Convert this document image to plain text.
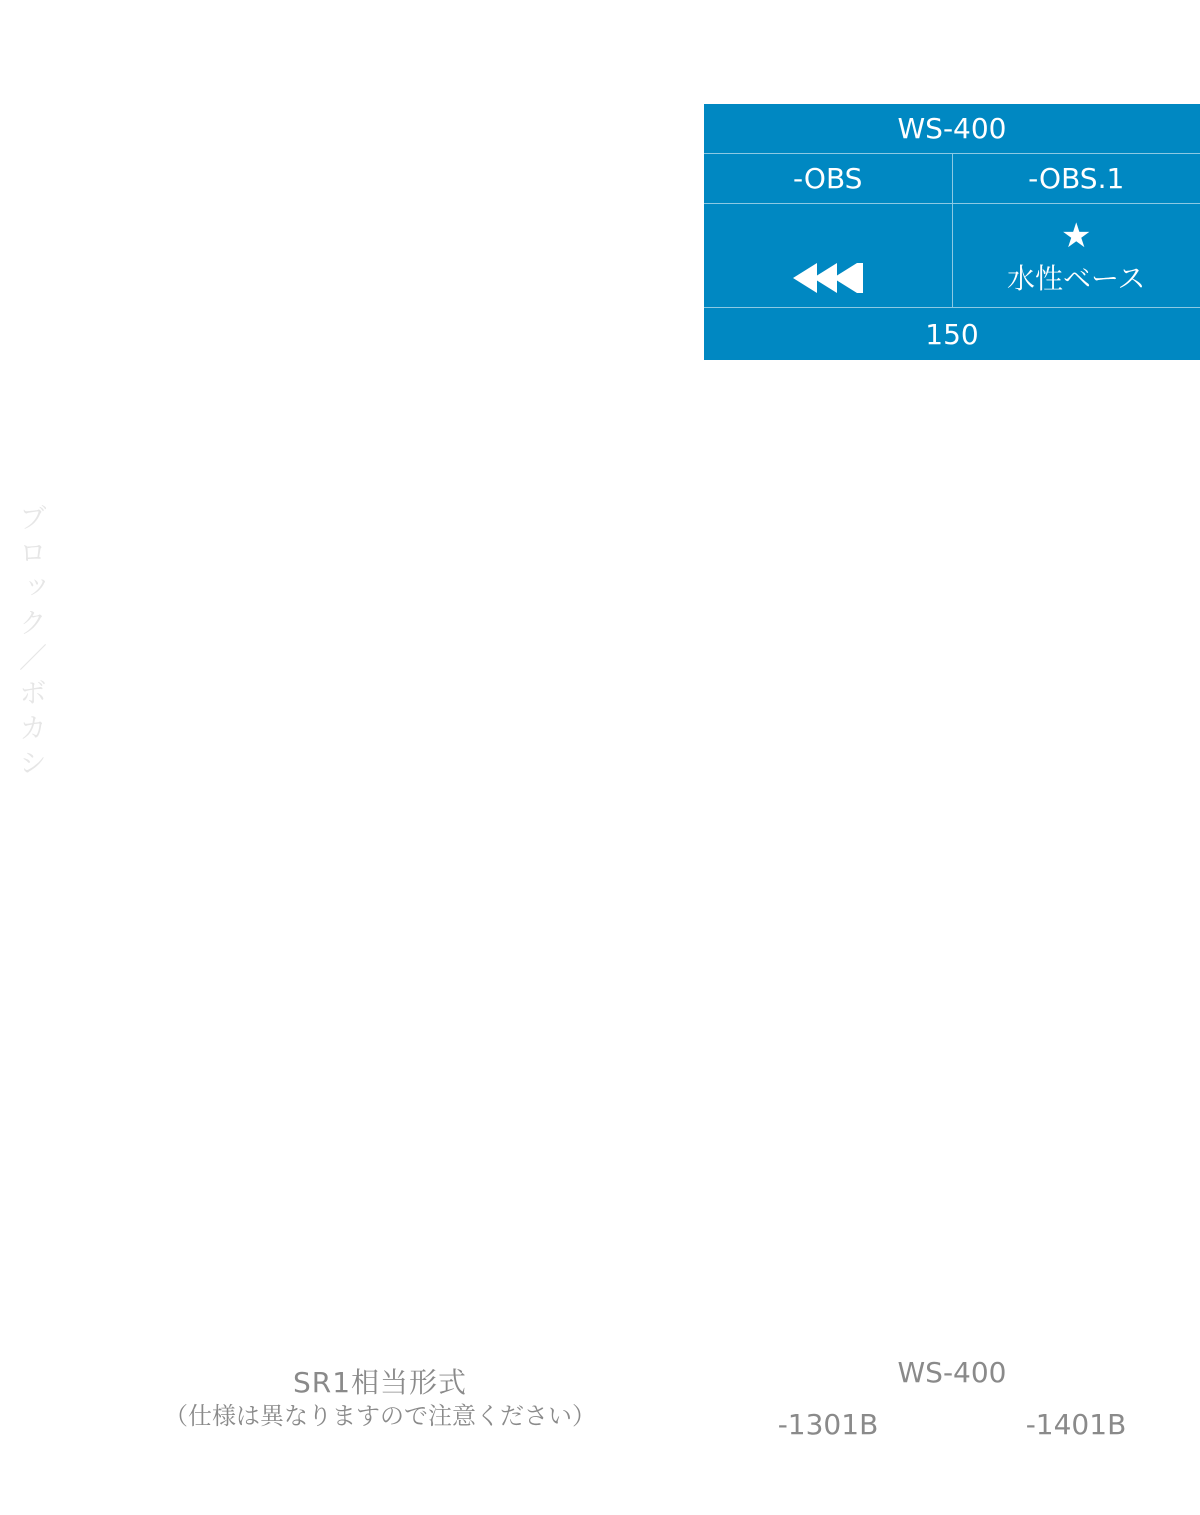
WS-400
-OBS	-OBS.1
★
水性ベース
150
ブロック／ボカシ
SR1相当形式
（仕様は異なりますので注意ください）
WS-400
-1301B	-1401B
